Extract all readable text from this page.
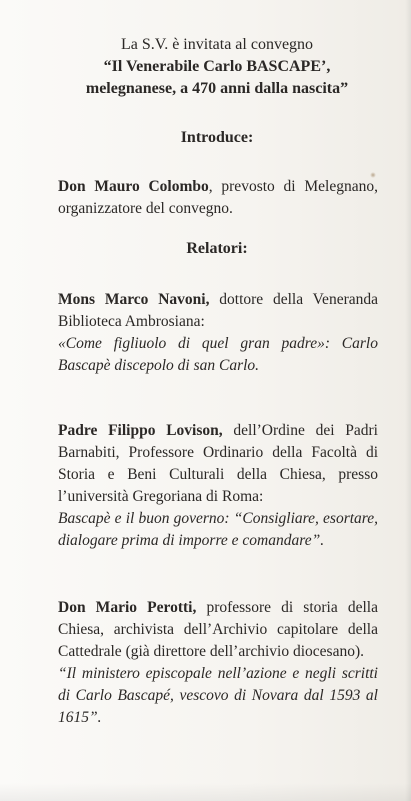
La S.V. è invitata al convegno
“Il Venerabile Carlo BASCAPE’,
melegnanese, a 470 anni dalla nascita”
Introduce:
Don Mauro Colombo, prevosto di Melegnano, organizzatore del convegno.
Relatori:
Mons Marco Navoni, dottore della Veneranda Biblioteca Ambrosiana:
«Come figliuolo di quel gran padre»: Carlo Bascapè discepolo di san Carlo.
Padre Filippo Lovison, dell’Ordine dei Padri Barnabiti, Professore Ordinario della Facoltà di Storia e Beni Culturali della Chiesa, presso l’università Gregoriana di Roma:
Bascapè e il buon governo: “Consigliare, esortare, dialogare prima di imporre e comandare”.
Don Mario Perotti, professore di storia della Chiesa, archivista dell’Archivio capitolare della Cattedrale (già direttore dell’archivio diocesano).
“Il ministero episcopale nell’azione e negli scritti di Carlo Bascapé, vescovo di Novara dal 1593 al 1615”.
